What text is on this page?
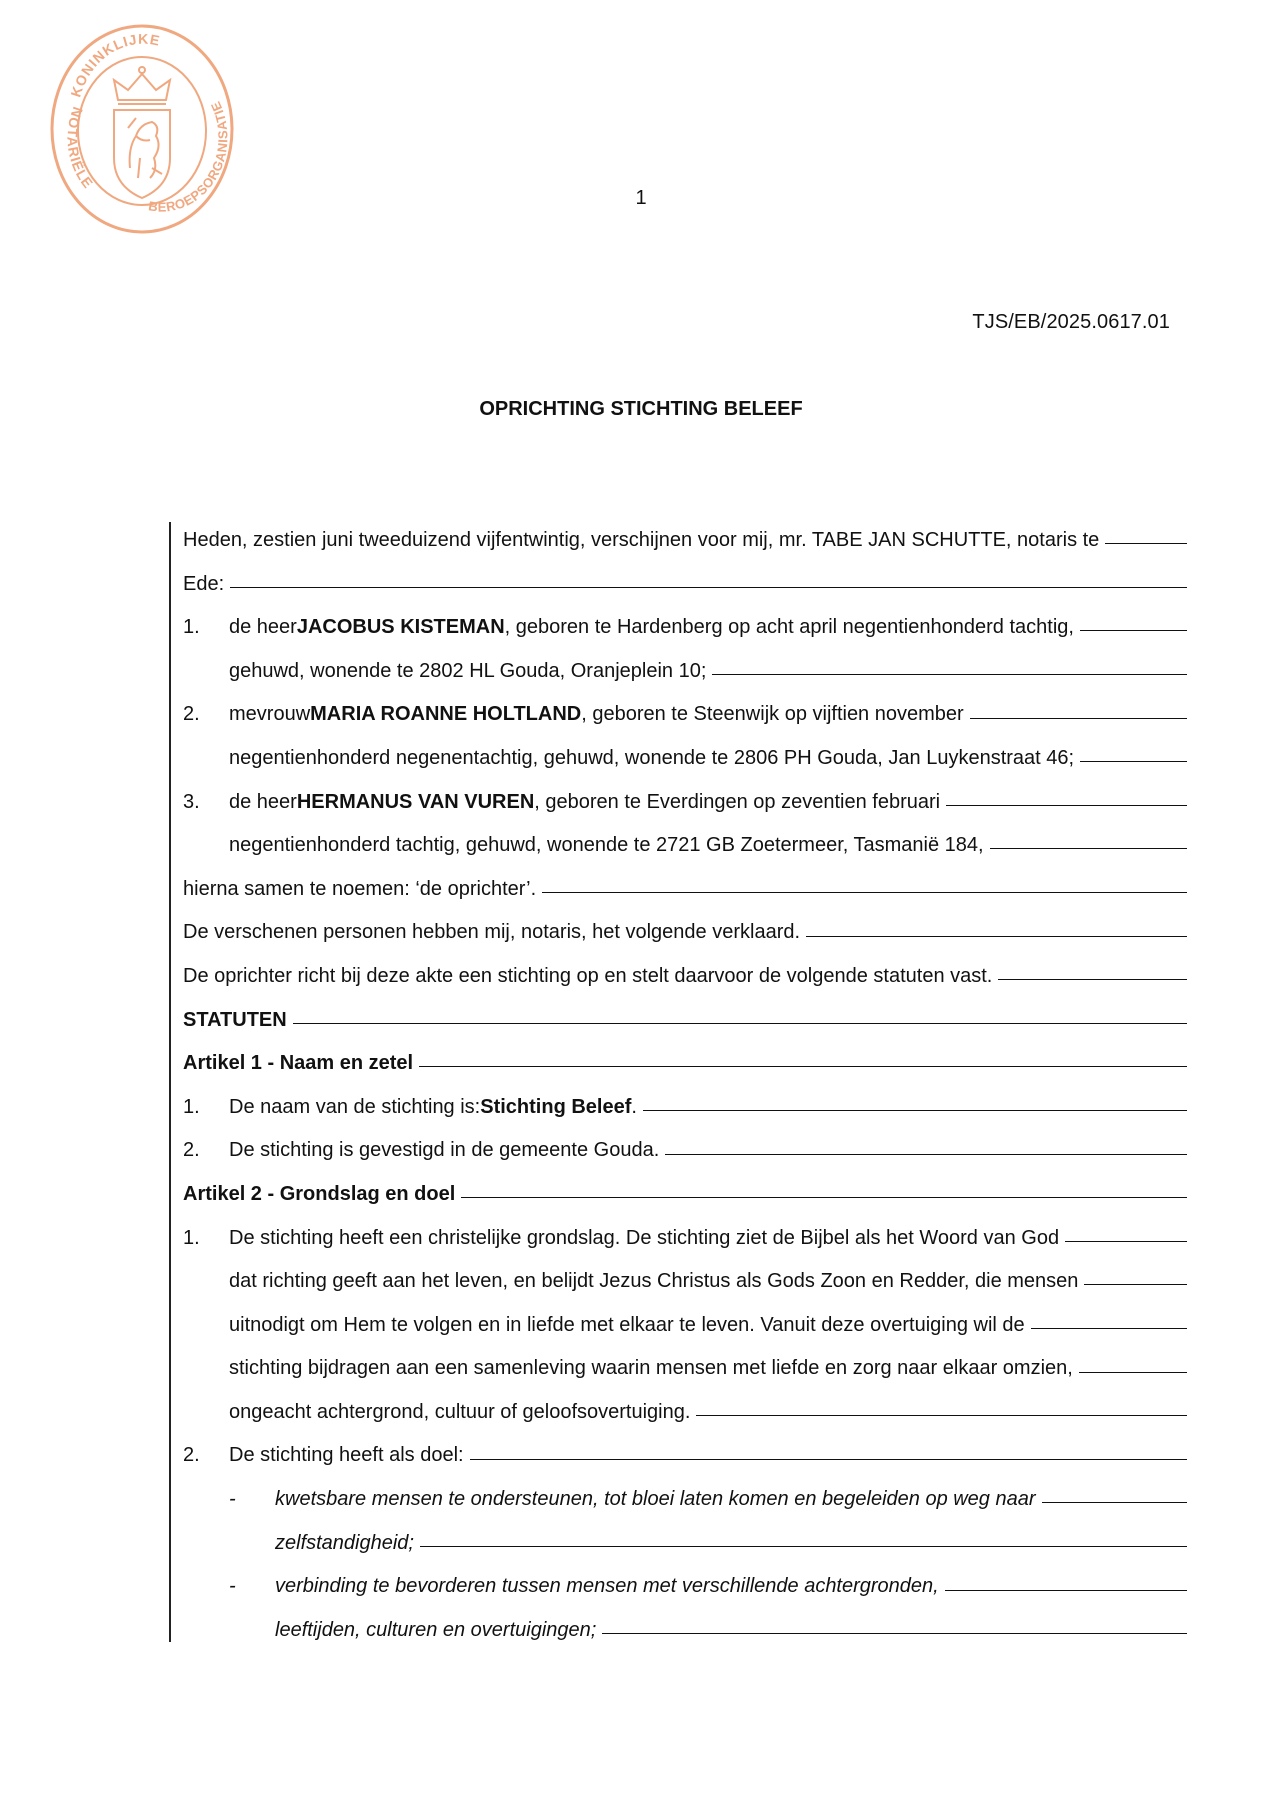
KONINKLIJKE
NOTARIËLE
BEROEPSORGANISATIE
1
TJS/EB/2025.0617.01
OPRICHTING STICHTING BELEEF
Heden, zestien juni tweeduizend vijfentwintig, verschijnen voor mij, mr. TABE JAN SCHUTTE, notaris te
Ede:
1.	de heer JACOBUS KISTEMAN , geboren te Hardenberg op acht april negentienhonderd tachtig,
gehuwd, wonende te 2802 HL Gouda, Oranjeplein 10;
2.	mevrouw MARIA ROANNE HOLTLAND , geboren te Steenwijk op vijftien november
negentienhonderd negenentachtig, gehuwd, wonende te 2806 PH Gouda, Jan Luykenstraat 46;
3.	de heer HERMANUS VAN VUREN , geboren te Everdingen op zeventien februari
negentienhonderd tachtig, gehuwd, wonende te 2721 GB Zoetermeer, Tasmanië 184,
hierna samen te noemen: ‘de oprichter’.
De verschenen personen hebben mij, notaris, het volgende verklaard.
De oprichter richt bij deze akte een stichting op en stelt daarvoor de volgende statuten vast.
STATUTEN
Artikel 1 - Naam en zetel
1.	De naam van de stichting is: Stichting Beleef .
2.	De stichting is gevestigd in de gemeente Gouda.
Artikel 2 - Grondslag en doel
1.	De stichting heeft een christelijke grondslag. De stichting ziet de Bijbel als het Woord van God
dat richting geeft aan het leven, en belijdt Jezus Christus als Gods Zoon en Redder, die mensen
uitnodigt om Hem te volgen en in liefde met elkaar te leven. Vanuit deze overtuiging wil de
stichting bijdragen aan een samenleving waarin mensen met liefde en zorg naar elkaar omzien,
ongeacht achtergrond, cultuur of geloofsovertuiging.
2.	De stichting heeft als doel:
-	kwetsbare mensen te ondersteunen, tot bloei laten komen en begeleiden op weg naar
zelfstandigheid;
-	verbinding te bevorderen tussen mensen met verschillende achtergronden,
leeftijden, culturen en overtuigingen;
